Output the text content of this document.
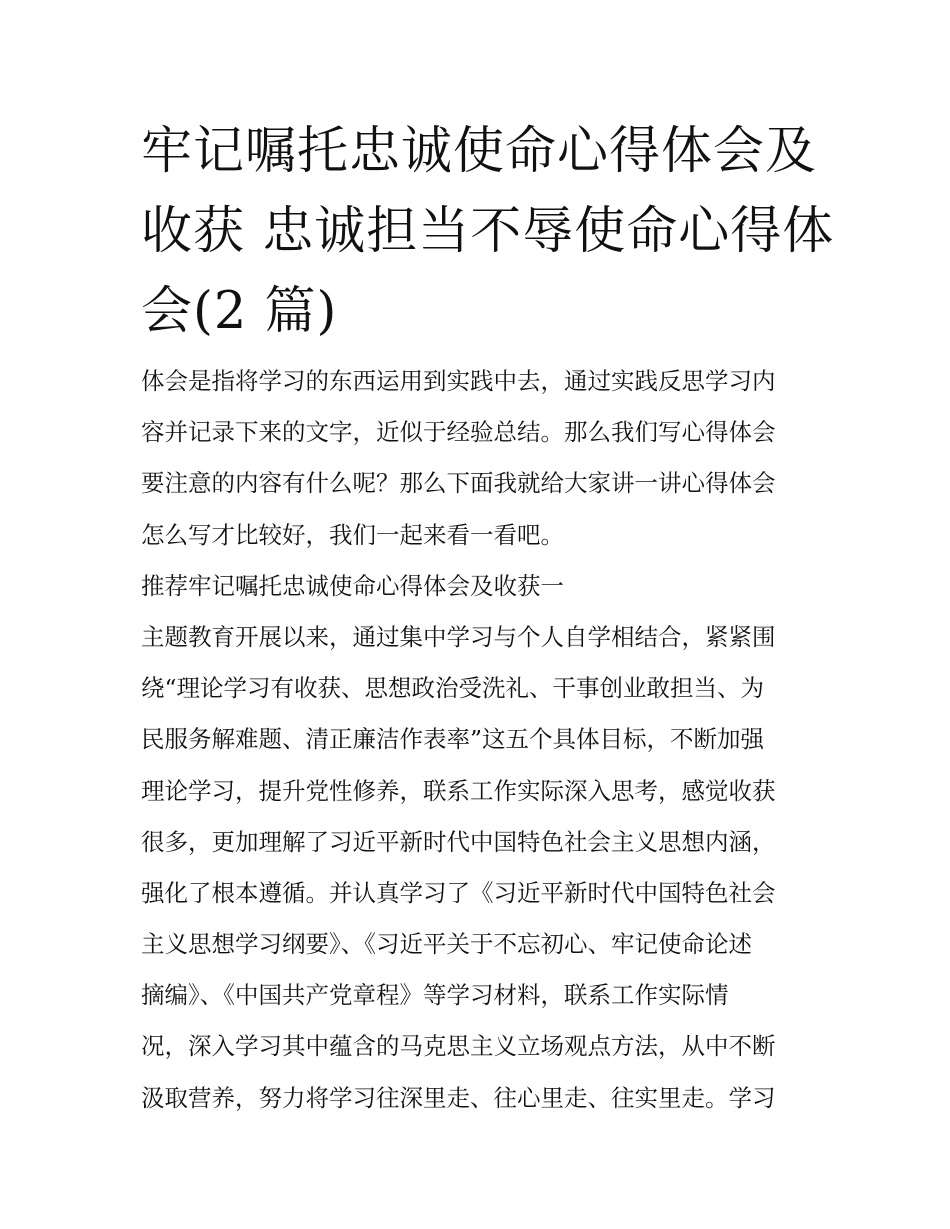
牢记嘱托忠诚使命心得体会及
收获 忠诚担当不辱使命心得体
会(2 篇)
体会是指将学习的东西运用到实践中去，通过实践反思学习内
容并记录下来的文字，近似于经验总结。那么我们写心得体会
要注意的内容有什么呢？那么下面我就给大家讲一讲心得体会
怎么写才比较好，我们一起来看一看吧。
推荐牢记嘱托忠诚使命心得体会及收获一
主题教育开展以来，通过集中学习与个人自学相结合，紧紧围
绕“理论学习有收获、思想政治受洗礼、干事创业敢担当、为
民服务解难题、清正廉洁作表率”这五个具体目标，不断加强
理论学习，提升党性修养，联系工作实际深入思考，感觉收获
很多，更加理解了习近平新时代中国特色社会主义思想内涵，
强化了根本遵循。并认真学习了《习近平新时代中国特色社会
主义思想学习纲要》、《习近平关于不忘初心、牢记使命论述
摘编》、《中国共产党章程》等学习材料，联系工作实际情
况，深入学习其中蕴含的马克思主义立场观点方法，从中不断
汲取营养，努力将学习往深里走、往心里走、往实里走。学习
